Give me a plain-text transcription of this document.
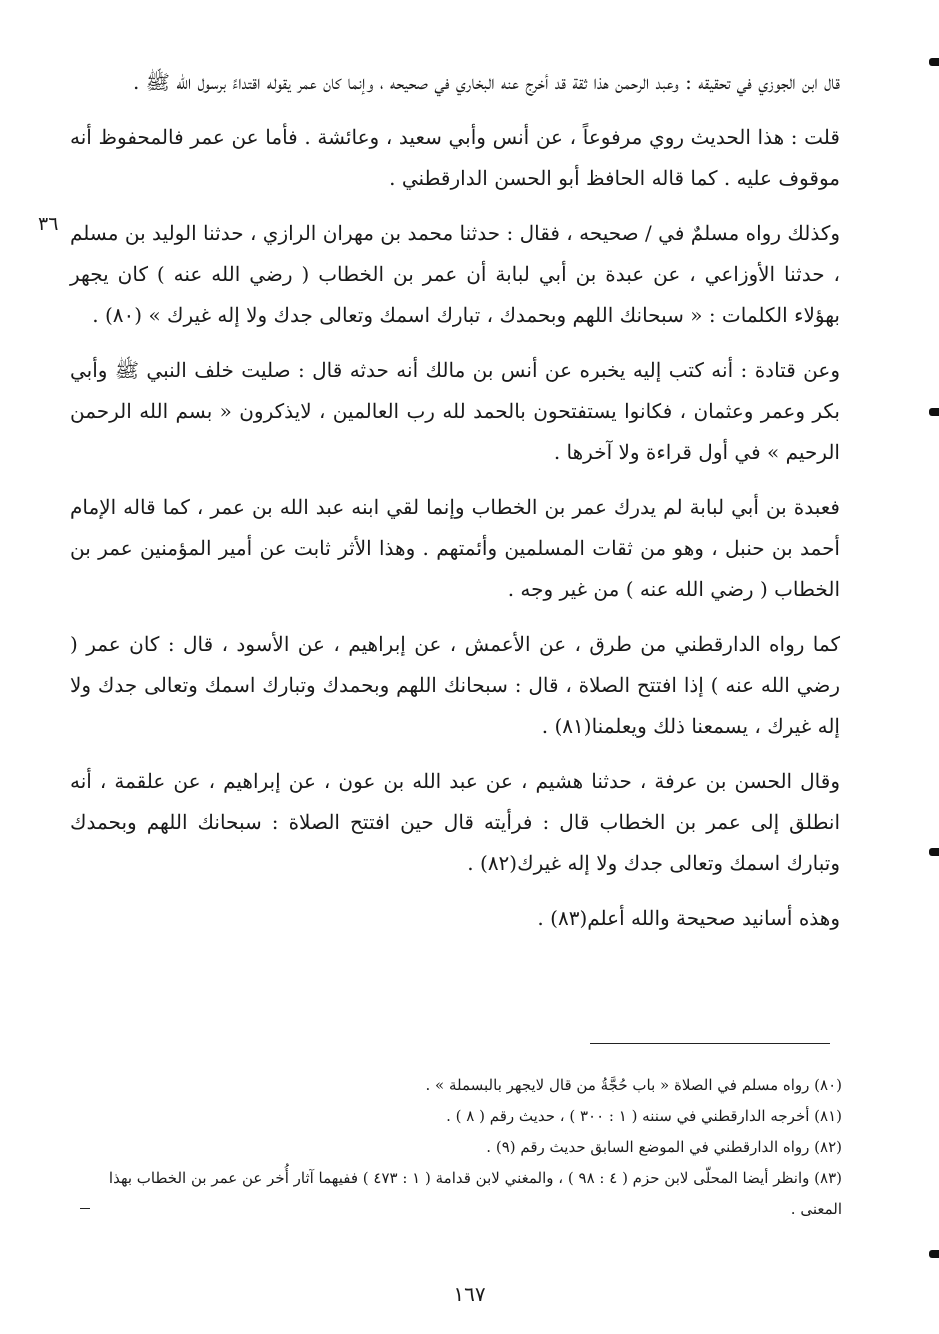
قال ابن الجوزي في تحقيقه : وعبد الرحمن هذا ثقة قد أخرج عنه البخاري في صحيحه ، وإنما كان عمر يقوله اقتداءً برسول الله ﷺ .

قلت : هذا الحديث روي مرفوعاً ، عن أنس وأبي سعيد ، وعائشة . فأما عن عمر فالمحفوظ أنه موقوف عليه . كما قاله الحافظ أبو الحسن الدارقطني .

٣٦ وكذلك رواه مسلمٌ في / صحيحه ، فقال : حدثنا محمد بن مهران الرازي ، حدثنا الوليد بن مسلم ، حدثنا الأوزاعي ، عن عبدة بن أبي لبابة أن عمر بن الخطاب ( رضي الله عنه ) كان يجهر بهؤلاء الكلمات : « سبحانك اللهم وبحمدك ، تبارك اسمك وتعالى جدك ولا إله غيرك » (٨٠) .

وعن قتادة : أنه كتب إليه يخبره عن أنس بن مالك أنه حدثه قال : صليت خلف النبي ﷺ وأبي بكر وعمر وعثمان ، فكانوا يستفتحون بالحمد لله رب العالمين ، لايذكرون « بسم الله الرحمن الرحيم » في أول قراءة ولا آخرها .

فعبدة بن أبي لبابة لم يدرك عمر بن الخطاب وإنما لقي ابنه عبد الله بن عمر ، كما قاله الإمام أحمد بن حنبل ، وهو من ثقات المسلمين وأئمتهم . وهذا الأثر ثابت عن أمير المؤمنين عمر بن الخطاب ( رضي الله عنه ) من غير وجه .

كما رواه الدارقطني من طرق ، عن الأعمش ، عن إبراهيم ، عن الأسود ، قال : كان عمر ( رضي الله عنه ) إذا افتتح الصلاة ، قال : سبحانك اللهم وبحمدك وتبارك اسمك وتعالى جدك ولا إله غيرك ، يسمعنا ذلك ويعلمنا(٨١) .

وقال الحسن بن عرفة ، حدثنا هشيم ، عن عبد الله بن عون ، عن إبراهيم ، عن علقمة ، أنه انطلق إلى عمر بن الخطاب قال : فرأيته قال حين افتتح الصلاة : سبحانك اللهم وبحمدك وتبارك اسمك وتعالى جدك ولا إله غيرك(٨٢) .

وهذه أسانيد صحيحة والله أعلم(٨٣) .

(٨٠) رواه مسلم في الصلاة « باب حُجَّةُ من قال لايجهر بالبسملة » .

(٨١) أخرجه الدارقطني في سننه ( ١ : ٣٠٠ ) ، حديث رقم ( ٨ ) .

(٨٢) رواه الدارقطني في الموضع السابق حديث رقم (٩) .

(٨٣) وانظر أيضا المحلّى لابن حزم ( ٤ : ٩٨ ) ، والمغني لابن قدامة ( ١ : ٤٧٣ ) ففيهما آثار أُخر عن عمر بن الخطاب بهذا المعنى .

١٦٧
